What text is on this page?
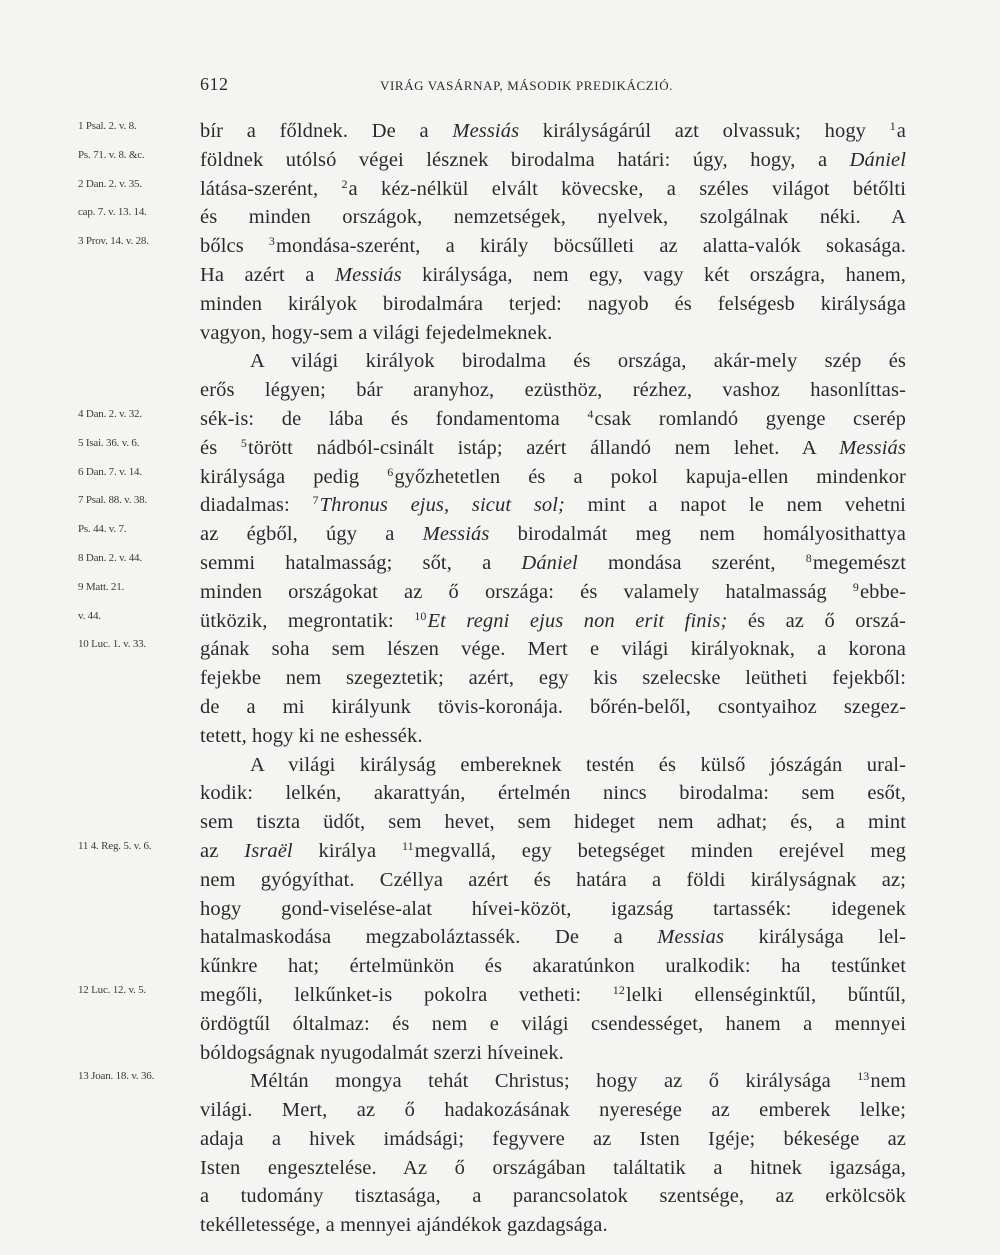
612	VIRÁG VASÁRNAP, MÁSODIK PREDIKÁCZIÓ.
1 Psal. 2. v. 8.	bír a főldnek. De a Messiás királyságárúl azt olvassuk; hogy $^1$a
Ps. 71. v. 8. &c.	földnek utólsó végei lésznek birodalma határi: úgy, hogy, a Dániel
2 Dan. 2. v. 35.	látása-szerént, $^2$a kéz-nélkül elvált kövecske, a széles világot bétőlti
cap. 7. v. 13. 14.	és minden országok, nemzetségek, nyelvek, szolgálnak néki. A
3 Prov. 14. v. 28.	bőlcs $^3$mondása-szerént, a király böcsűlleti az alatta-valók sokasága.
Ha azért a Messiás királysága, nem egy, vagy két országra, hanem,
minden királyok birodalmára terjed: nagyob és felségesb királysága
vagyon, hogy-sem a világi fejedelmeknek.
A világi királyok birodalma és országa, akár-mely szép és
erős légyen; bár aranyhoz, ezüsthöz, rézhez, vashoz hasonlíttas-
4 Dan. 2. v. 32.	sék-is: de lába és fondamentoma $^4$csak romlandó gyenge cserép
5 Isai. 36. v. 6.	és $^5$törött nádból-csinált istáp; azért állandó nem lehet. A Messiás
6 Dan. 7. v. 14.	királysága pedig $^6$győzhetetlen és a pokol kapuja-ellen mindenkor
7 Psal. 88. v. 38.	diadalmas: $^7$Thronus ejus, sicut sol; mint a napot le nem vehetni
Ps. 44. v. 7.	az égből, úgy a Messiás birodalmát meg nem homályosithattya
8 Dan. 2. v. 44.	semmi hatalmasság; sőt, a Dániel mondása szerént, $^8$megemészt
9 Matt. 21.	minden országokat az ő országa: és valamely hatalmasság $^9$ebbe-
v. 44.	ütközik, megrontatik: $^{10}$Et regni ejus non erit finis; és az ő orszá-
10 Luc. 1. v. 33.	gának soha sem lészen vége. Mert e világi királyoknak, a korona
fejekbe nem szegeztetik; azért, egy kis szelecske leütheti fejekből:
de a mi királyunk tövis-koronája. bőrén-belől, csontyaihoz szegez-
tetett, hogy ki ne eshessék.
A világi királyság embereknek testén és külső jószágán ural-
kodik: lelkén, akarattyán, értelmén nincs birodalma: sem esőt,
sem tiszta üdőt, sem hevet, sem hideget nem adhat; és, a mint
11 4. Reg. 5. v. 6.	az Israël királya $^{11}$megvallá, egy betegséget minden erejével meg
nem gyógyíthat. Czéllya azért és határa a földi királyságnak az;
hogy gond-viselése-alat hívei-közöt, igazság tartassék: idegenek
hatalmaskodása megzaboláztassék. De a Messias királysága lel-
kűnkre hat; értelmünkön és akaratúnkon uralkodik: ha testűnket
12 Luc. 12. v. 5.	megőli, lelkűnket-is pokolra vetheti: $^{12}$lelki ellenséginktűl, bűntűl,
ördögtűl óltalmaz: és nem e világi csendességet, hanem a mennyei
bóldogságnak nyugodalmát szerzi híveinek.
13 Joan. 18. v. 36.	Méltán mongya tehát Christus; hogy az ő királysága $^{13}$nem
világi. Mert, az ő hadakozásának nyeresége az emberek lelke;
adaja a hivek imádsági; fegyvere az Isten Igéje; békesége az
Isten engesztelése. Az ő országában találtatik a hitnek igazsága,
a tudomány tisztasága, a parancsolatok szentsége, az erkölcsök
tekélletessége, a mennyei ajándékok gazdagsága.
